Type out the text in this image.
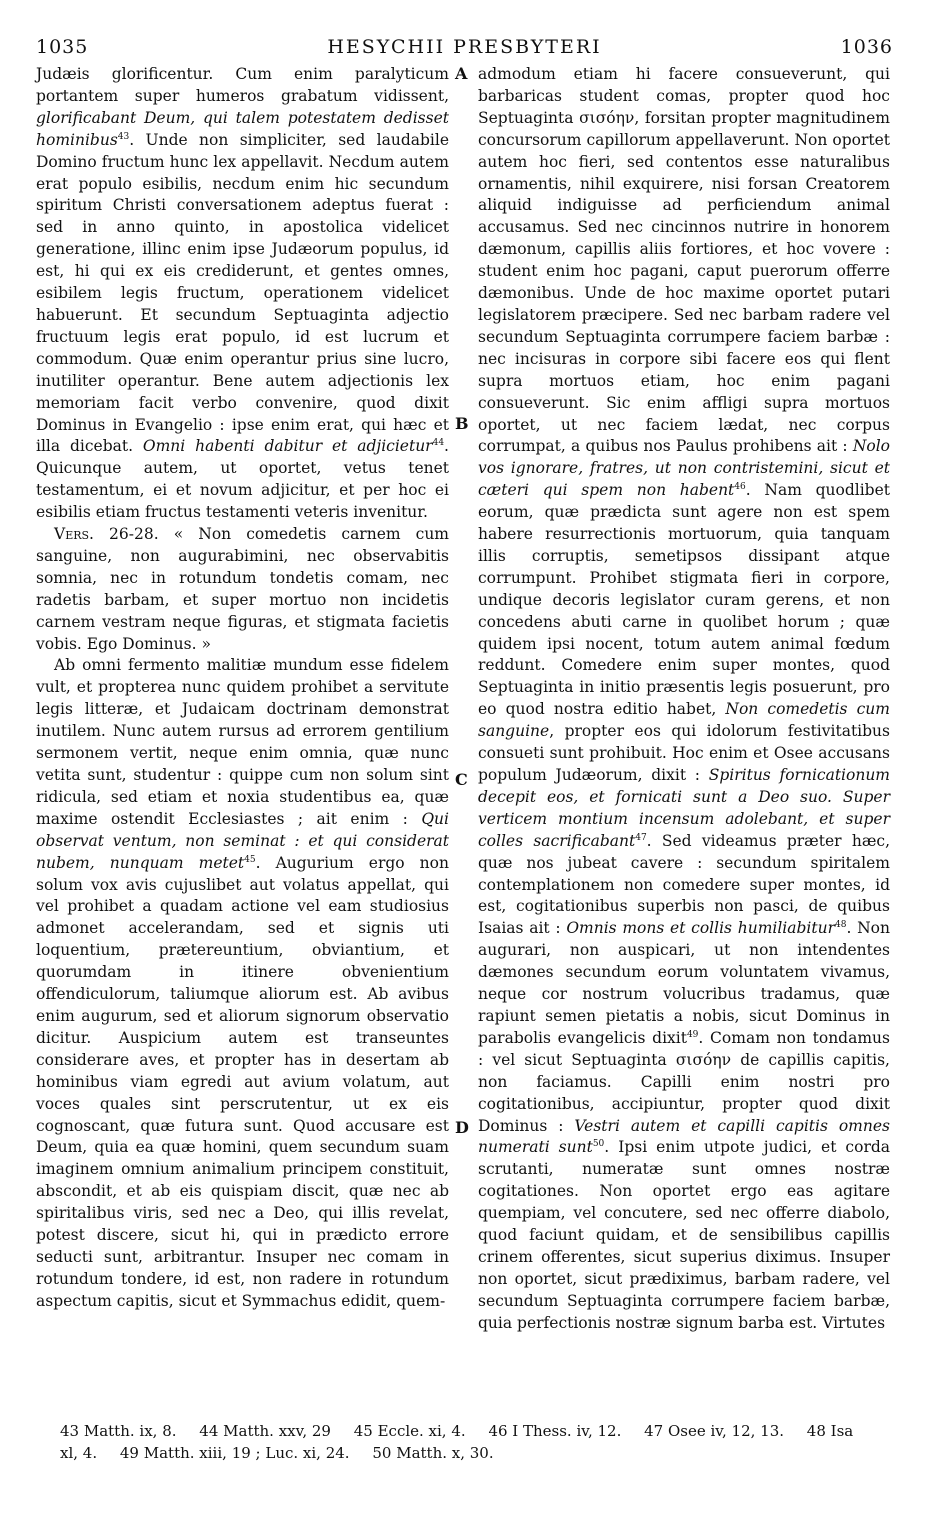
1035	HESYCHII PRESBYTERI	1036

Judæis glorificentur. Cum enim paralyticum portantem super humeros grabatum vidissent, glorificabant Deum, qui talem potestatem dedisset hominibus$^{43}$. Unde non simpliciter, sed laudabile Domino fructum hunc lex appellavit. Necdum autem erat populo esibilis, necdum enim hic secundum spiritum Christi conversationem adeptus fuerat : sed in anno quinto, in apostolica videlicet generatione, illinc enim ipse Judæorum populus, id est, hi qui ex eis crediderunt, et gentes omnes, esibilem legis fructum, operationem videlicet habuerunt. Et secundum Septuaginta adjectio fructuum legis erat populo, id est lucrum et commodum. Quæ enim operantur prius sine lucro, inutiliter operantur. Bene autem adjectionis lex memoriam facit verbo convenire, quod dixit Dominus in Evangelio : ipse enim erat, qui hæc et illa dicebat. Omni habenti dabitur et adjicietur$^{44}$. Quicunque autem, ut oportet, vetus tenet testamentum, ei et novum adjicitur, et per hoc ei esibilis etiam fructus testamenti veteris invenitur.

Vers. 26-28. « Non comedetis carnem cum sanguine, non augurabimini, nec observabitis somnia, nec in rotundum tondetis comam, nec radetis barbam, et super mortuo non incidetis carnem vestram neque figuras, et stigmata facietis vobis. Ego Dominus. »

Ab omni fermento malitiæ mundum esse fidelem vult, et propterea nunc quidem prohibet a servitute legis litteræ, et Judaicam doctrinam demonstrat inutilem. Nunc autem rursus ad errorem gentilium sermonem vertit, neque enim omnia, quæ nunc vetita sunt, studentur : quippe cum non solum sint ridicula, sed etiam et noxia studentibus ea, quæ maxime ostendit Ecclesiastes ; ait enim : Qui observat ventum, non seminat : et qui considerat nubem, nunquam metet$^{45}$. Augurium ergo non solum vox avis cujuslibet aut volatus appellat, qui vel prohibet a quadam actione vel eam studiosius admonet accelerandam, sed et signis uti loquentium, prætereuntium, obviantium, et quorumdam in itinere obvenientium offendiculorum, taliumque aliorum est. Ab avibus enim augurum, sed et aliorum signorum observatio dicitur. Auspicium autem est transeuntes considerare aves, et propter has in desertam ab hominibus viam egredi aut avium volatum, aut voces quales sint perscrutentur, ut ex eis cognoscant, quæ futura sunt. Quod accusare est Deum, quia ea quæ homini, quem secundum suam imaginem omnium animalium principem constituit, abscondit, et ab eis quispiam discit, quæ nec ab spiritalibus viris, sed nec a Deo, qui illis revelat, potest discere, sicut hi, qui in prædicto errore seducti sunt, arbitrantur. Insuper nec comam in rotundum tondere, id est, non radere in rotundum aspectum capitis, sicut et Symmachus edidit, quem-

A
B
C
D

admodum etiam hi facere consueverunt, qui barbaricas student comas, propter quod hoc Septuaginta σισόην, forsitan propter magnitudinem concursorum capillorum appellaverunt. Non oportet autem hoc fieri, sed contentos esse naturalibus ornamentis, nihil exquirere, nisi forsan Creatorem aliquid indiguisse ad perficiendum animal accusamus. Sed nec cincinnos nutrire in honorem dæmonum, capillis aliis fortiores, et hoc vovere : student enim hoc pagani, caput puerorum offerre dæmonibus. Unde de hoc maxime oportet putari legislatorem præcipere. Sed nec barbam radere vel secundum Septuaginta corrumpere faciem barbæ : nec incisuras in corpore sibi facere eos qui flent supra mortuos etiam, hoc enim pagani consueverunt. Sic enim affligi supra mortuos oportet, ut nec faciem lædat, nec corpus corrumpat, a quibus nos Paulus prohibens ait : Nolo vos ignorare, fratres, ut non contristemini, sicut et cæteri qui spem non habent$^{46}$. Nam quodlibet eorum, quæ prædicta sunt agere non est spem habere resurrectionis mortuorum, quia tanquam illis corruptis, semetipsos dissipant atque corrumpunt. Prohibet stigmata fieri in corpore, undique decoris legislator curam gerens, et non concedens abuti carne in quolibet horum ; quæ quidem ipsi nocent, totum autem animal fœdum reddunt. Comedere enim super montes, quod Septuaginta in initio præsentis legis posuerunt, pro eo quod nostra editio habet, Non comedetis cum sanguine, propter eos qui idolorum festivitatibus consueti sunt prohibuit. Hoc enim et Osee accusans populum Judæorum, dixit : Spiritus fornicationum decepit eos, et fornicati sunt a Deo suo. Super verticem montium incensum adolebant, et super colles sacrificabant$^{47}$. Sed videamus præter hæc, quæ nos jubeat cavere : secundum spiritalem contemplationem non comedere super montes, id est, cogitationibus superbis non pasci, de quibus Isaias ait : Omnis mons et collis humiliabitur$^{48}$. Non augurari, non auspicari, ut non intendentes dæmones secundum eorum voluntatem vivamus, neque cor nostrum volucribus tradamus, quæ rapiunt semen pietatis a nobis, sicut Dominus in parabolis evangelicis dixit$^{49}$. Comam non tondamus : vel sicut Septuaginta σισόην de capillis capitis, non faciamus. Capilli enim nostri pro cogitationibus, accipiuntur, propter quod dixit Dominus : Vestri autem et capilli capitis omnes numerati sunt$^{50}$. Ipsi enim utpote judici, et corda scrutanti, numeratæ sunt omnes nostræ cogitationes. Non oportet ergo eas agitare quempiam, vel concutere, sed nec offerre diabolo, quod faciunt quidam, et de sensibilibus capillis crinem offerentes, sicut superius diximus. Insuper non oportet, sicut prædiximus, barbam radere, vel secundum Septuaginta corrumpere faciem barbæ, quia perfectionis nostræ signum barba est. Virtutes

43 Matth. ix, 8. 44 Matth. xxv, 29 45 Eccle. xi, 4. 46 I Thess. iv, 12. 47 Osee iv, 12, 13. 48 Isa
xl, 4. 49 Matth. xiii, 19 ; Luc. xi, 24. 50 Matth. x, 30.
